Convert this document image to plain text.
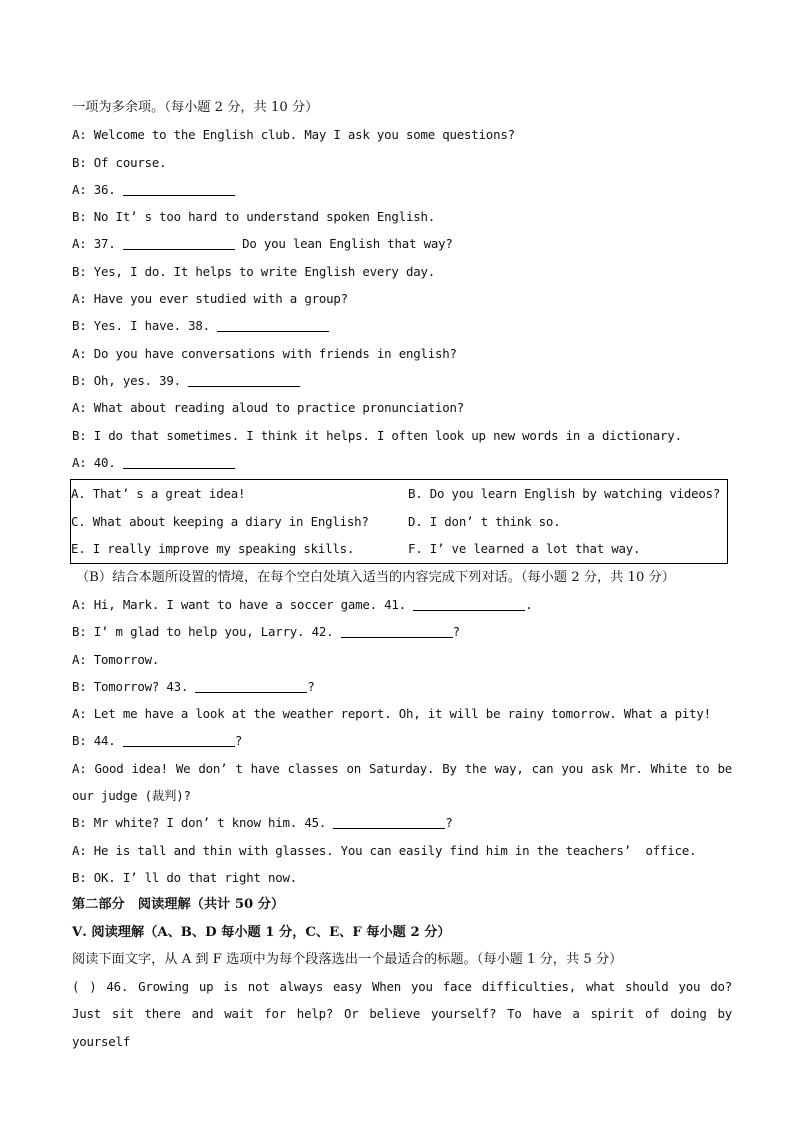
一项为多余项。（每小题 2 分，共 10 分）
A: Welcome to the English club. May I ask you some questions?
B: Of course.
A: 36.
B: No It’ s too hard to understand spoken English.
A: 37.	Do you lean English that way?
B: Yes, I do. It helps to write English every day.
A: Have you ever studied with a group?
B: Yes. I have. 38.
A: Do you have conversations with friends in english?
B: Oh, yes. 39.
A: What about reading aloud to practice pronunciation?
B: I do that sometimes. I think it helps. I often look up new words in a dictionary.
A: 40.
A. That’ s a great idea!	B. Do you learn English by watching videos?
C. What about keeping a diary in English?	D. I don’ t think so.
E. I really improve my speaking skills.	F. I’ ve learned a lot that way.
（B）结合本题所设置的情境，在每个空白处填入适当的内容完成下列对话。（每小题 2 分，共 10 分）
A: Hi, Mark. I want to have a soccer game. 41.	.
B: I’ m glad to help you, Larry. 42.	?
A: Tomorrow.
B: Tomorrow? 43.	?
A: Let me have a look at the weather report. Oh, it will be rainy tomorrow. What a pity!
B: 44.	?
A: Good idea! We don’ t have classes on Saturday. By the way, can you ask Mr. White to be
our judge (裁判)?
B: Mr white? I don’ t know him. 45.	?
A: He is tall and thin with glasses. You can easily find him in the teachers’  office.
B: OK. I’ ll do that right now.
第二部分　阅读理解（共计 50 分）
Ⅴ. 阅读理解（A、B、D 每小题 1 分，C、E、F 每小题 2 分）
阅读下面文字，从 A 到 F 选项中为每个段落选出一个最适合的标题。（每小题 1 分，共 5 分）
( ) 46. Growing up is not always easy When you face difficulties, what should you do?
Just sit there and wait for help? Or believe yourself? To have a spirit of doing by yourself
